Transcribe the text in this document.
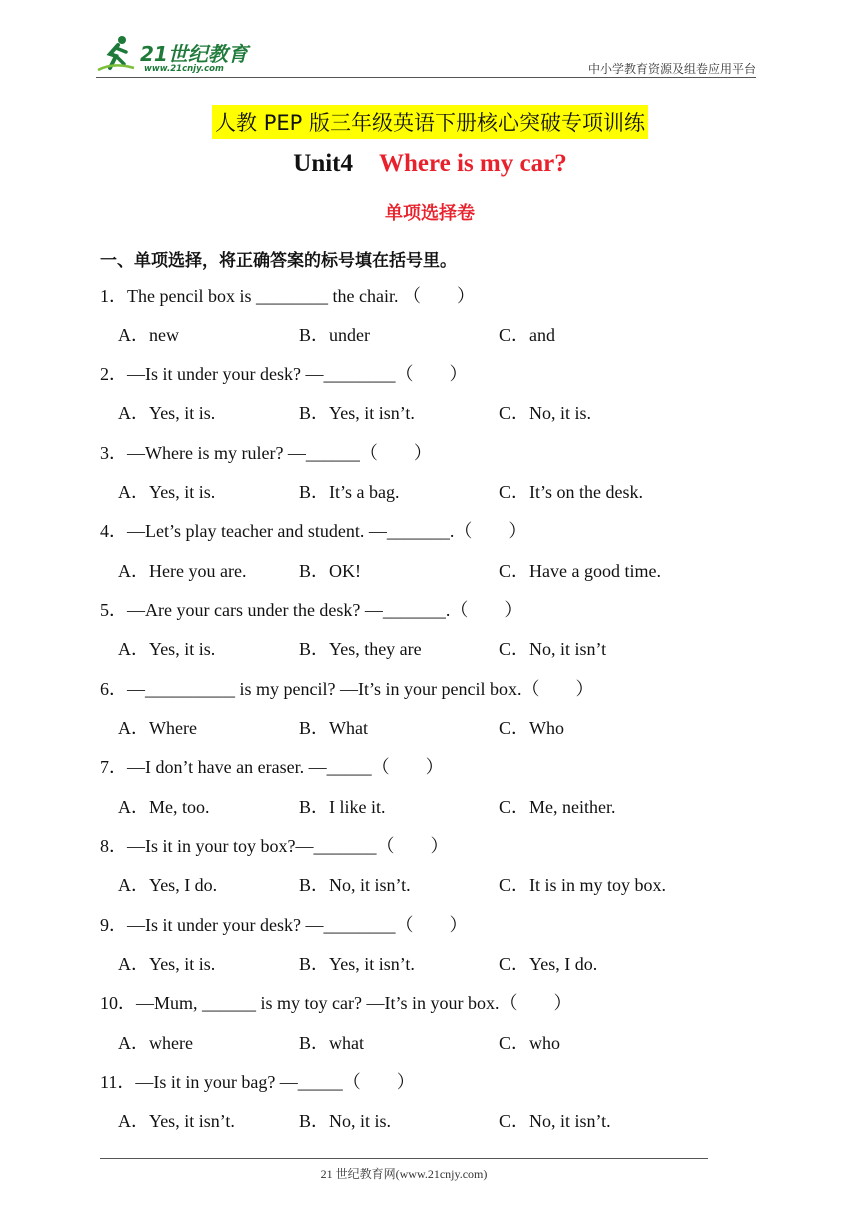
21世纪教育
www.21cnjy.com	中小学教育资源及组卷应用平台
人教 PEP 版三年级英语下册核心突破专项训练
Unit4 Where is my car?
单项选择卷
一、单项选择，将正确答案的标号填在括号里。
1．The pencil box is ________ the chair. （　　）
A．new	B．under	C．and
2．—Is it under your desk? —________（　　）
A．Yes, it is.	B．Yes, it isn’t.	C．No, it is.
3．—Where is my ruler? —______（　　）
A．Yes, it is.	B．It’s a bag.	C．It’s on the desk.
4．—Let’s play teacher and student. —_______.（　　）
A．Here you are.	B．OK!	C．Have a good time.
5．—Are your cars under the desk? —_______.（　　）
A．Yes, it is.	B．Yes, they are	C．No, it isn’t
6．—__________ is my pencil? —It’s in your pencil box.（　　）
A．Where	B．What	C．Who
7．—I don’t have an eraser. —_____（　　）
A．Me, too.	B．I like it.	C．Me, neither.
8．—Is it in your toy box?—_______（　　）
A．Yes, I do.	B．No, it isn’t.	C．It is in my toy box.
9．—Is it under your desk? —________（　　）
A．Yes, it is.	B．Yes, it isn’t.	C．Yes, I do.
10．—Mum, ______ is my toy car? —It’s in your box.（　　）
A．where	B．what	C．who
11．—Is it in your bag? —_____（　　）
A．Yes, it isn’t.	B．No, it is.	C．No, it isn’t.
21 世纪教育网(www.21cnjy.com)
